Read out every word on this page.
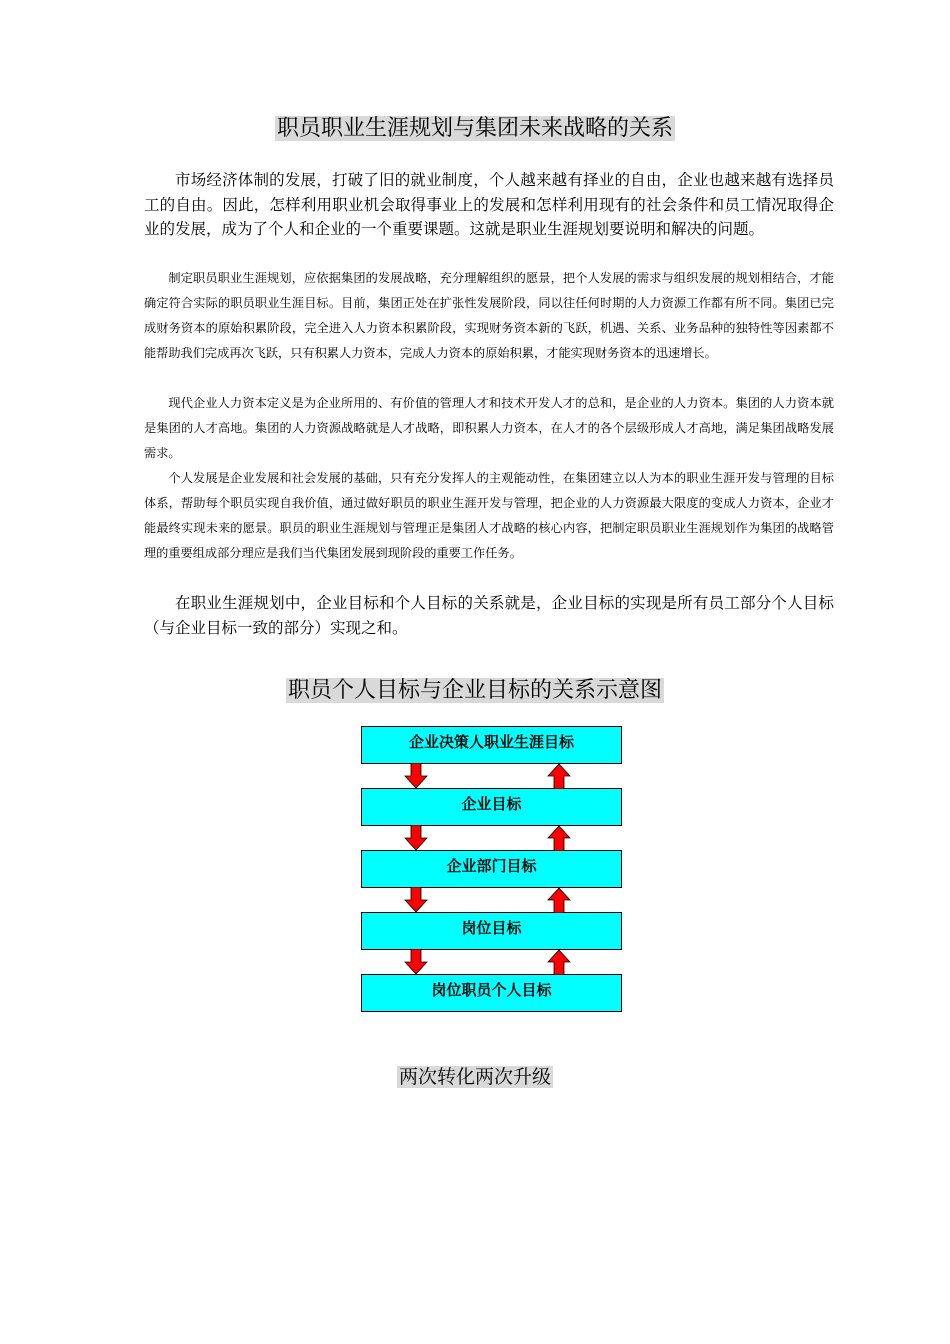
职员职业生涯规划与集团未来战略的关系

市场经济体制的发展，打破了旧的就业制度，个人越来越有择业的自由，企业也越来越有选择员工的自由。因此，怎样利用职业机会取得事业上的发展和怎样利用现有的社会条件和员工情况取得企业的发展，成为了个人和企业的一个重要课题。这就是职业生涯规划要说明和解决的问题。

制定职员职业生涯规划，应依据集团的发展战略，充分理解组织的愿景，把个人发展的需求与组织发展的规划相结合，才能确定符合实际的职员职业生涯目标。目前，集团正处在扩张性发展阶段，同以往任何时期的人力资源工作都有所不同。集团已完成财务资本的原始积累阶段，完全进入人力资本积累阶段，实现财务资本新的飞跃，机遇、关系、业务品种的独特性等因素都不能帮助我们完成再次飞跃，只有积累人力资本，完成人力资本的原始积累，才能实现财务资本的迅速增长。

现代企业人力资本定义是为企业所用的、有价值的管理人才和技术开发人才的总和，是企业的人力资本。集团的人力资本就是集团的人才高地。集团的人力资源战略就是人才战略，即积累人力资本，在人才的各个层级形成人才高地，满足集团战略发展需求。

个人发展是企业发展和社会发展的基础，只有充分发挥人的主观能动性，在集团建立以人为本的职业生涯开发与管理的目标体系，帮助每个职员实现自我价值，通过做好职员的职业生涯开发与管理，把企业的人力资源最大限度的变成人力资本，企业才能最终实现未来的愿景。职员的职业生涯规划与管理正是集团人才战略的核心内容，把制定职员职业生涯规划作为集团的战略管理的重要组成部分理应是我们当代集团发展到现阶段的重要工作任务。

在职业生涯规划中，企业目标和个人目标的关系就是，企业目标的实现是所有员工部分个人目标（与企业目标一致的部分）实现之和。

职员个人目标与企业目标的关系示意图
企业决策人职业生涯目标
企业目标
企业部门目标
岗位目标
岗位职员个人目标
两次转化两次升级
